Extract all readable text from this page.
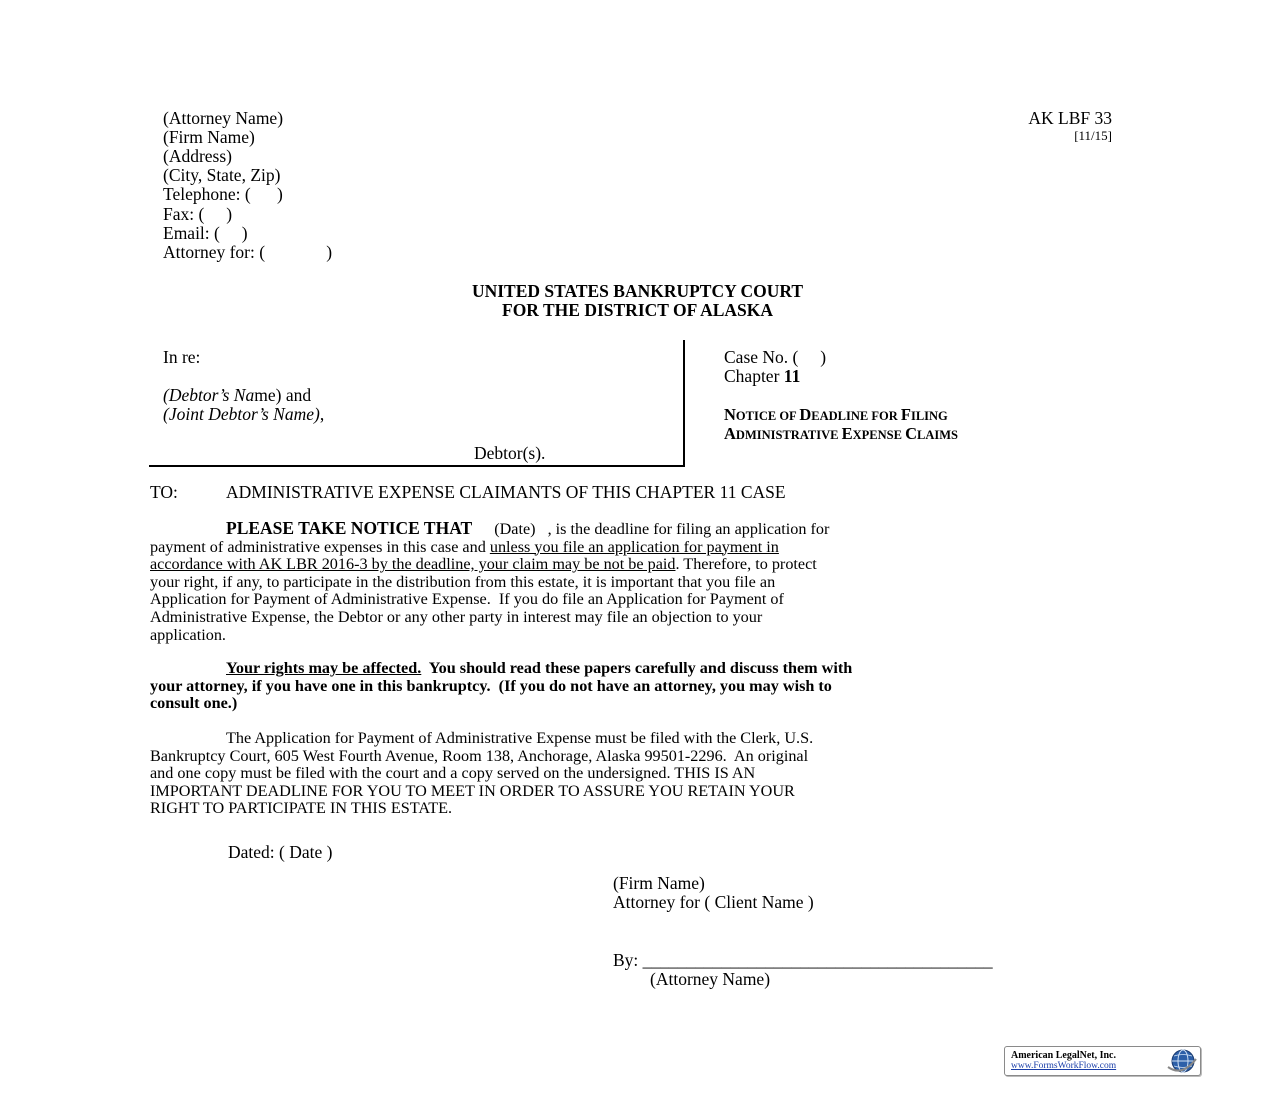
(Attorney Name)
(Firm Name)
(Address)
(City, State, Zip)
Telephone: (      )
Fax: (     )
Email: (     )
Attorney for: (              )
AK LBF 33
[11/15]
UNITED STATES BANKRUPTCY COURT
FOR THE DISTRICT OF ALASKA
In re:
(Debtor’s Name) and
(Joint Debtor’s Name),
Debtor(s).
Case No. (     )
Chapter 11
NOTICE OF DEADLINE FOR FILING
ADMINISTRATIVE EXPENSE CLAIMS
TO:	ADMINISTRATIVE EXPENSE CLAIMANTS OF THIS CHAPTER 11 CASE
PLEASE TAKE NOTICE THAT (Date) , is the deadline for filing an application for
payment of administrative expenses in this case and unless you file an application for payment in
accordance with AK LBR 2016-3 by the deadline, your claim may be not be paid. Therefore, to protect
your right, if any, to participate in the distribution from this estate, it is important that you file an
Application for Payment of Administrative Expense.  If you do file an Application for Payment of
Administrative Expense, the Debtor or any other party in interest may file an objection to your
application.
Your rights may be affected.  You should read these papers carefully and discuss them with
your attorney, if you have one in this bankruptcy.  (If you do not have an attorney, you may wish to
consult one.)
The Application for Payment of Administrative Expense must be filed with the Clerk, U.S.
Bankruptcy Court, 605 West Fourth Avenue, Room 138, Anchorage, Alaska 99501-2296.  An original
and one copy must be filed with the court and a copy served on the undersigned. THIS IS AN
IMPORTANT DEADLINE FOR YOU TO MEET IN ORDER TO ASSURE YOU RETAIN YOUR
RIGHT TO PARTICIPATE IN THIS ESTATE.
Dated: ( Date )
(Firm Name)
Attorney for ( Client Name )
By: ________________________________________
(Attorney Name)
American LegalNet, Inc.
www.FormsWorkFlow.com
